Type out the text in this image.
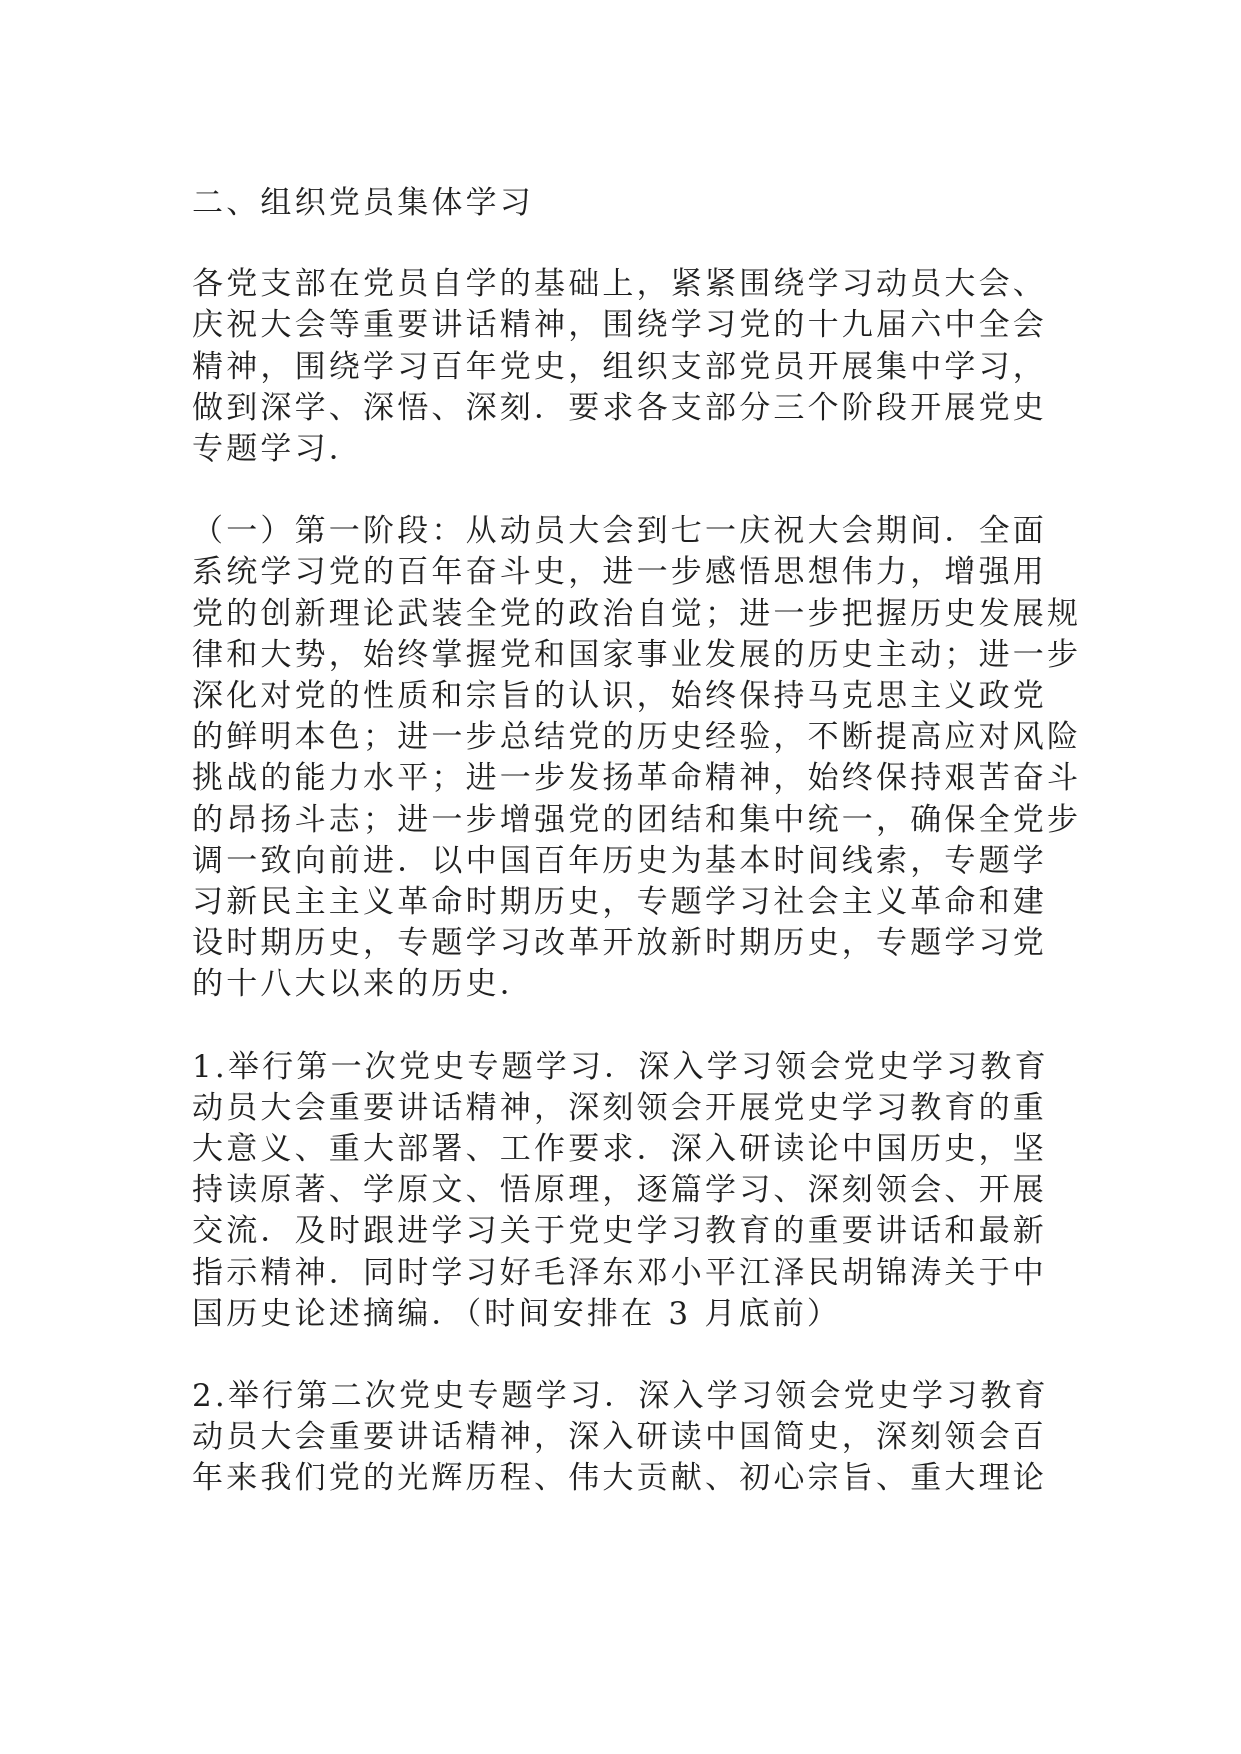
二、组织党员集体学习

各党支部在党员自学的基础上，紧紧围绕学习动员大会、
庆祝大会等重要讲话精神，围绕学习党的十九届六中全会
精神，围绕学习百年党史，组织支部党员开展集中学习，
做到深学、深悟、深刻．要求各支部分三个阶段开展党史
专题学习．

（一）第一阶段：从动员大会到七一庆祝大会期间．全面
系统学习党的百年奋斗史，进一步感悟思想伟力，增强用
党的创新理论武装全党的政治自觉；进一步把握历史发展规
律和大势，始终掌握党和国家事业发展的历史主动；进一步
深化对党的性质和宗旨的认识，始终保持马克思主义政党
的鲜明本色；进一步总结党的历史经验，不断提高应对风险
挑战的能力水平；进一步发扬革命精神，始终保持艰苦奋斗
的昂扬斗志；进一步增强党的团结和集中统一，确保全党步
调一致向前进．以中国百年历史为基本时间线索，专题学
习新民主主义革命时期历史，专题学习社会主义革命和建
设时期历史，专题学习改革开放新时期历史，专题学习党
的十八大以来的历史．

1.举行第一次党史专题学习．深入学习领会党史学习教育
动员大会重要讲话精神，深刻领会开展党史学习教育的重
大意义、重大部署、工作要求．深入研读论中国历史，坚
持读原著、学原文、悟原理，逐篇学习、深刻领会、开展
交流．及时跟进学习关于党史学习教育的重要讲话和最新
指示精神．同时学习好毛泽东邓小平江泽民胡锦涛关于中
国历史论述摘编．（时间安排在 3 月底前）

2.举行第二次党史专题学习．深入学习领会党史学习教育
动员大会重要讲话精神，深入研读中国简史，深刻领会百
年来我们党的光辉历程、伟大贡献、初心宗旨、重大理论
